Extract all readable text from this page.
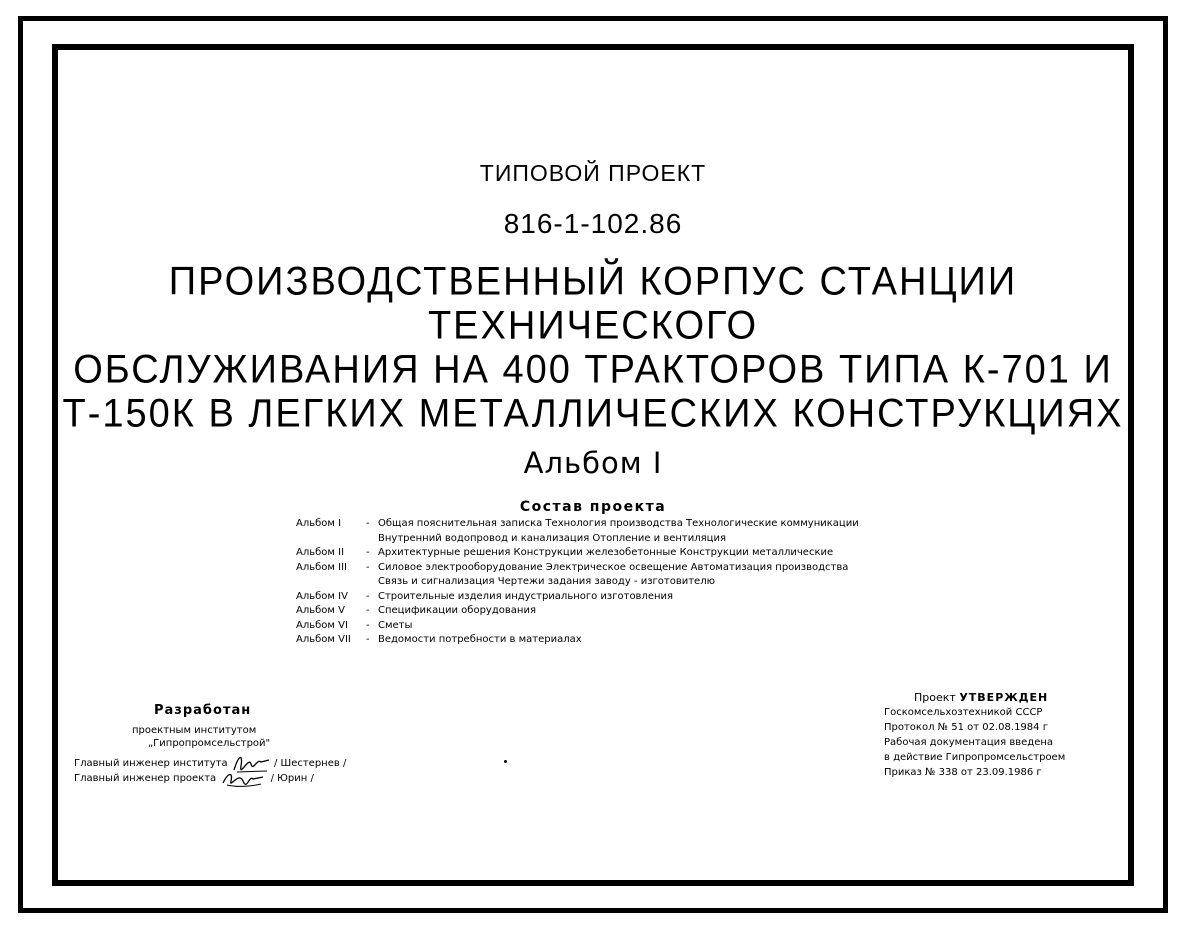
ТИПОВОЙ ПРОЕКТ
816-1-102.86
ПРОИЗВОДСТВЕННЫЙ КОРПУС СТАНЦИИ ТЕХНИЧЕСКОГО
ОБСЛУЖИВАНИЯ НА 400 ТРАКТОРОВ ТИПА К-701 И
Т-150К В ЛЕГКИХ МЕТАЛЛИЧЕСКИХ КОНСТРУКЦИЯХ
Альбом I
Состав проекта
Альбом I	- Общая пояснительная записка Технология производства Технологические коммуникации
Внутренний водопровод и канализация Отопление и вентиляция
Альбом II	- Архитектурные решения Конструкции железобетонные Конструкции металлические
Альбом III	- Силовое электрооборудование Электрическое освещение Автоматизация производства
Связь и сигнализация Чертежи задания заводу - изготовителю
Альбом IV	- Строительные изделия индустриального изготовления
Альбом V	- Спецификации оборудования
Альбом VI	- Сметы
Альбом VII	- Ведомости потребности в материалах
Разработан
проектным институтом
„Гипропромсельстрой"
Главный инженер института	/ Шестернев /
Главный инженер проекта	/ Юрин /
Проект УТВЕРЖДЕН
Госкомсельхозтехникой СССР
Протокол № 51 от 02.08.1984 г
Рабочая документация введена
в действие Гипропромсельстроем
Приказ № 338 от 23.09.1986 г
